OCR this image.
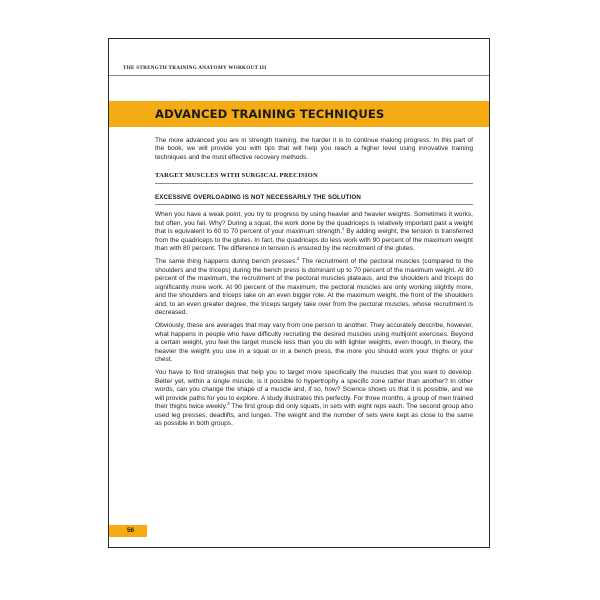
THE STRENGTH TRAINING ANATOMY WORKOUT III
ADVANCED TRAINING TECHNIQUES

The more advanced you are in strength training, the harder it is to continue making progress. In this part of the book, we will provide you with tips that will help you reach a higher level using innovative training techniques and the most effective recovery methods.

TARGET MUSCLES WITH SURGICAL PRECISION
EXCESSIVE OVERLOADING IS NOT NECESSARILY THE SOLUTION

When you have a weak point, you try to progress by using heavier and heavier weights. Sometimes it works, but often, you fail. Why? During a squat, the work done by the quadriceps is relatively important past a weight that is equivalent to 60 to 70 percent of your maximum strength.$^1$ By adding weight, the tension is transferred from the quadriceps to the glutes. In fact, the quadriceps do less work with 90 percent of the maximum weight than with 80 percent. The difference in tension is ensured by the recruitment of the glutes.

The same thing happens during bench presses.$^2$ The recruitment of the pectoral muscles (compared to the shoulders and the triceps) during the bench press is dominant up to 70 percent of the maximum weight. At 80 percent of the maximum, the recruitment of the pectoral muscles plateaus, and the shoulders and triceps do significantly more work. At 90 percent of the maximum, the pectoral muscles are only working slightly more, and the shoulders and triceps take on an even bigger role. At the maximum weight, the front of the shoulders and, to an even greater degree, the triceps largely take over from the pectoral muscles, whose recruitment is decreased.

Obviously, these are averages that may vary from one person to another. They accurately describe, however, what happens in people who have difficulty recruiting the desired muscles using multijoint exercises. Beyond a certain weight, you feel the target muscle less than you do with lighter weights, even though, in theory, the heavier the weight you use in a squat or in a bench press, the more you should work your thighs or your chest.

You have to find strategies that help you to target more specifically the muscles that you want to develop. Better yet, within a single muscle, is it possible to hypertrophy a specific zone rather than another? In other words, can you change the shape of a muscle and, if so, how? Science shows us that it is possible, and we will provide paths for you to explore. A study illustrates this perfectly. For three months, a group of men trained their thighs twice weekly.$^3$ The first group did only squats, in sets with eight reps each. The second group also used leg presses, deadlifts, and lunges. The weight and the number of sets were kept as close to the same as possible in both groups.

56
